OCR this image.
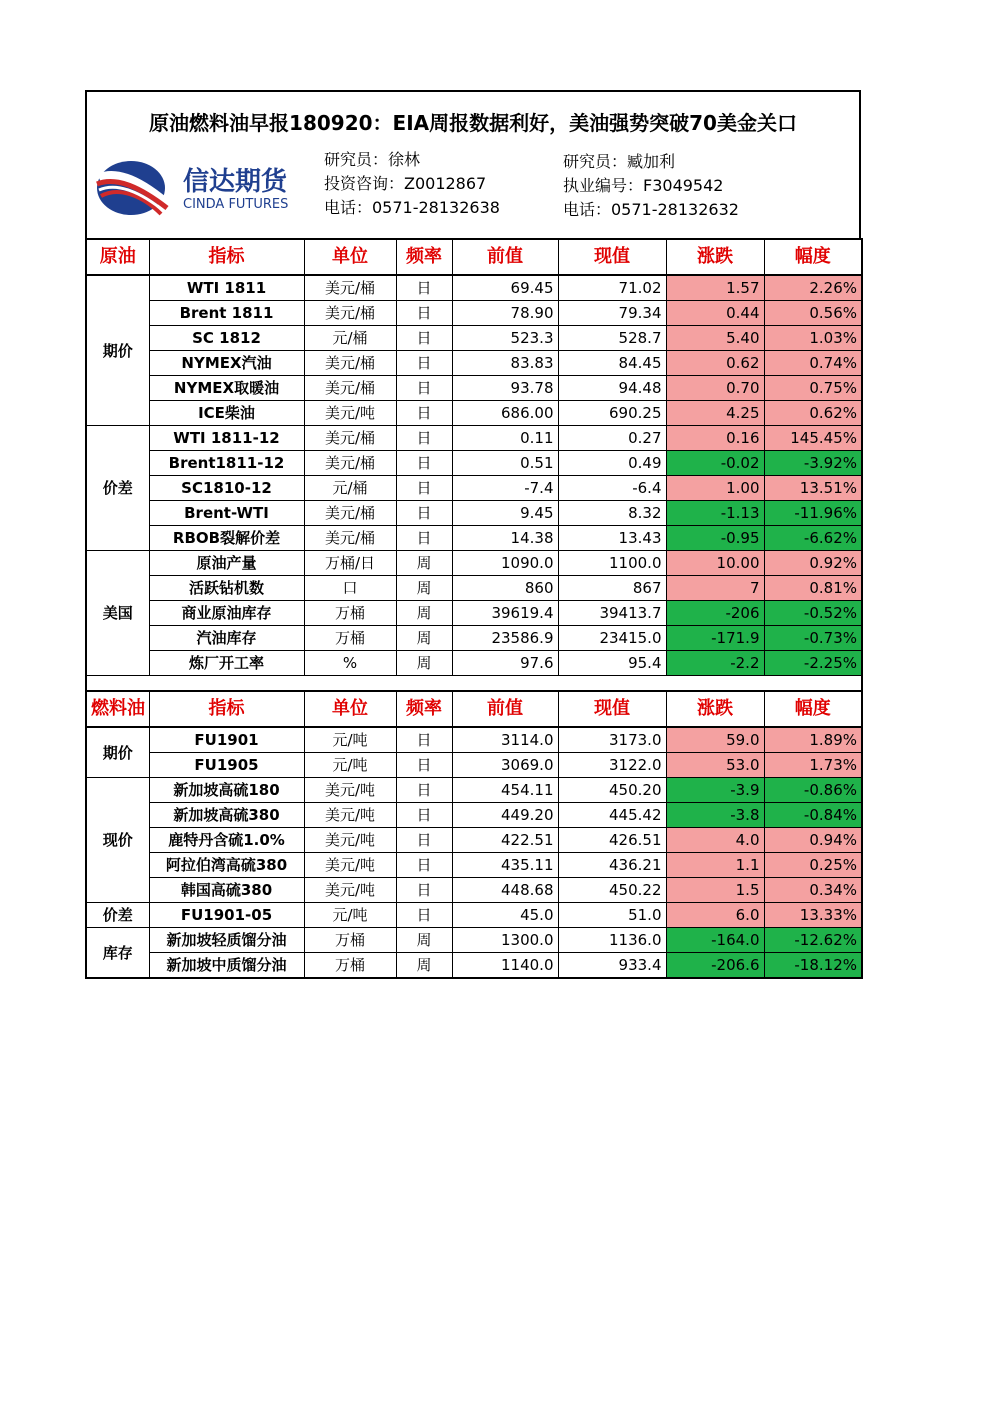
原油燃料油早报180920：EIA周报数据利好，美油强势突破70美金关口
信达期货
CINDA FUTURES
研究员：徐林
投资咨询：Z0012867
电话：0571-28132638
研究员：臧加利
执业编号：F3049542
电话：0571-28132632
原油	指标	单位	频率	前值	现值	涨跌	幅度
期价	WTI 1811	美元/桶	日	69.45	71.02	1.57	2.26%
	Brent 1811	美元/桶	日	78.90	79.34	0.44	0.56%
	SC 1812	元/桶	日	523.3	528.7	5.40	1.03%
	NYMEX汽油	美元/桶	日	83.83	84.45	0.62	0.74%
	NYMEX取暖油	美元/桶	日	93.78	94.48	0.70	0.75%
	ICE柴油	美元/吨	日	686.00	690.25	4.25	0.62%
价差	WTI 1811-12	美元/桶	日	0.11	0.27	0.16	145.45%
	Brent1811-12	美元/桶	日	0.51	0.49	-0.02	-3.92%
	SC1810-12	元/桶	日	-7.4	-6.4	1.00	13.51%
	Brent-WTI	美元/桶	日	9.45	8.32	-1.13	-11.96%
	RBOB裂解价差	美元/桶	日	14.38	13.43	-0.95	-6.62%
美国	原油产量	万桶/日	周	1090.0	1100.0	10.00	0.92%
	活跃钻机数	口	周	860	867	7	0.81%
	商业原油库存	万桶	周	39619.4	39413.7	-206	-0.52%
	汽油库存	万桶	周	23586.9	23415.0	-171.9	-0.73%
	炼厂开工率	%	周	97.6	95.4	-2.2	-2.25%

燃料油	指标	单位	频率	前值	现值	涨跌	幅度
期价	FU1901	元/吨	日	3114.0	3173.0	59.0	1.89%
	FU1905	元/吨	日	3069.0	3122.0	53.0	1.73%
现价	新加坡高硫180	美元/吨	日	454.11	450.20	-3.9	-0.86%
	新加坡高硫380	美元/吨	日	449.20	445.42	-3.8	-0.84%
	鹿特丹含硫1.0%	美元/吨	日	422.51	426.51	4.0	0.94%
	阿拉伯湾高硫380	美元/吨	日	435.11	436.21	1.1	0.25%
	韩国高硫380	美元/吨	日	448.68	450.22	1.5	0.34%
价差	FU1901-05	元/吨	日	45.0	51.0	6.0	13.33%
库存	新加坡轻质馏分油	万桶	周	1300.0	1136.0	-164.0	-12.62%
	新加坡中质馏分油	万桶	周	1140.0	933.4	-206.6	-18.12%
